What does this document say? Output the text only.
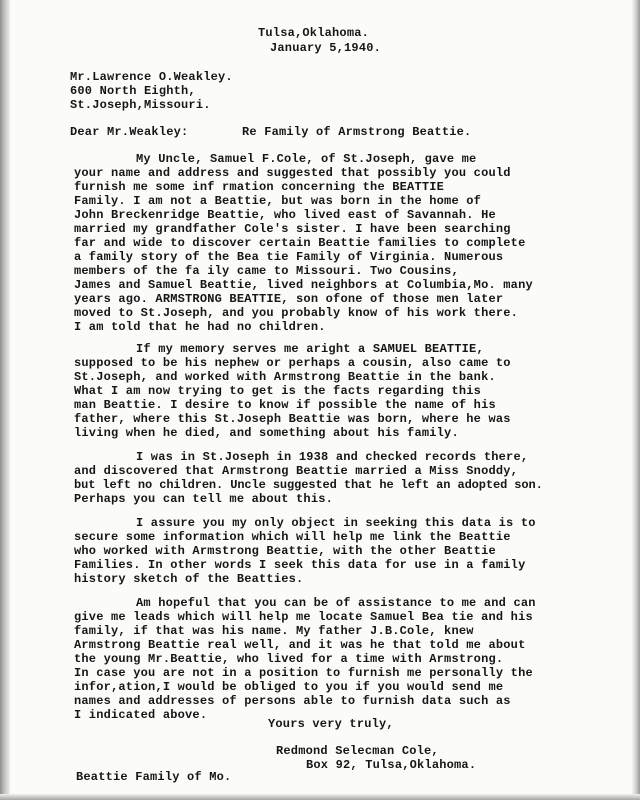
Tulsa,Oklahoma.
January 5,1940.
Mr.Lawrence O.Weakley.
600 North Eighth,
St.Joseph,Missouri.
Dear Mr.Weakley:	Re Family of Armstrong Beattie.
My Uncle, Samuel F.Cole, of St.Joseph, gave me
your name and address and suggested that possibly you could
furnish me some inf rmation concerning the BEATTIE
Family. I am not a Beattie, but was born in the home of
John Breckenridge Beattie, who lived east of Savannah. He
married my grandfather Cole's sister. I have been searching
far and wide to discover certain Beattie families to complete
a family story of the Bea tie Family of Virginia. Numerous
members of the fa ily came to Missouri. Two Cousins,
James and Samuel Beattie, lived neighbors at Columbia,Mo. many
years ago. ARMSTRONG BEATTIE, son ofone of those men later
moved to St.Joseph, and you probably know of his work there.
I am told that he had no children.
If my memory serves me aright a SAMUEL BEATTIE,
supposed to be his nephew or perhaps a cousin, also came to
St.Joseph, and worked with Armstrong Beattie in the bank.
What I am now trying to get is the facts regarding this
man Beattie. I desire to know if possible the name of his
father, where this St.Joseph Beattie was born, where he was
living when he died, and something about his family.
I was in St.Joseph in 1938 and checked records there,
and discovered that Armstrong Beattie married a Miss Snoddy,
but left no children. Uncle suggested that he left an adopted son.
Perhaps you can tell me about this.
I assure you my only object in seeking this data is to
secure some information which will help me link the Beattie
who worked with Armstrong Beattie, with the other Beattie
Families. In other words I seek this data for use in a family
history sketch of the Beatties.
Am hopeful that you can be of assistance to me and can
give me leads which will help me locate Samuel Bea tie and his
family, if that was his name. My father J.B.Cole, knew
Armstrong Beattie real well, and it was he that told me about
the young Mr.Beattie, who lived for a time with Armstrong.
In case you are not in a position to furnish me personally the
infor,ation,I would be obliged to you if you would send me
names and addresses of persons able to furnish data such as
I indicated above.
Yours very truly,
Redmond Selecman Cole,
Box 92, Tulsa,Oklahoma.
Beattie Family of Mo.
